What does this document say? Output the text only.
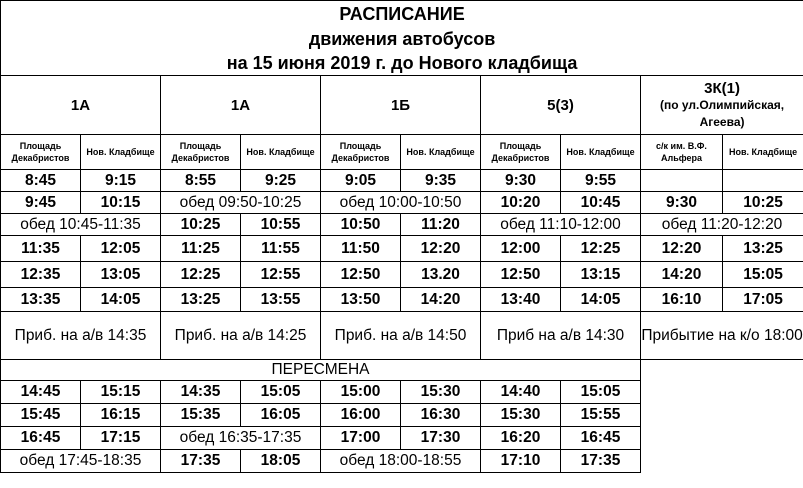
РАСПИСАНИЕ									
движения автобусов									
на 15 июня 2019 г. до Нового кладбища									
1А		1А		1Б		5(3)		3К(1)
(по ул.Олимпийская, Агеева)	

Площадь Декабристов	Нов. Кладбище	Площадь Декабристов	Нов. Кладбище	Площадь Декабристов	Нов. Кладбище	Площадь Декабристов	Нов. Кладбище	с/к им. В.Ф. Альфера	Нов. Кладбище
8:45	9:15	8:55	9:25	9:05	9:35	9:30	9:55		
9:45	10:15	обед 09:50-10:25		обед 10:00-10:50		10:20	10:45	9:30	10:25
обед 10:45-11:35		10:25	10:55	10:50	11:20	обед 11:10-12:00		обед 11:20-12:20	
11:35	12:05	11:25	11:55	11:50	12:20	12:00	12:25	12:20	13:25
12:35	13:05	12:25	12:55	12:50	13.20	12:50	13:15	14:20	15:05
13:35	14:05	13:25	13:55	13:50	14:20	13:40	14:05	16:10	17:05
Приб. на а/в 14:35		Приб. на а/в 14:25		Приб. на а/в 14:50		Приб на а/в 14:30		Прибытие на к/о 18:00	
ПЕРЕСМЕНА									
14:45	15:15	14:35	15:05	15:00	15:30	14:40	15:05		
15:45	16:15	15:35	16:05	16:00	16:30	15:30	15:55		
16:45	17:15	обед 16:35-17:35		17:00	17:30	16:20	16:45		
обед 17:45-18:35		17:35	18:05	обед 18:00-18:55		17:10	17:35		
